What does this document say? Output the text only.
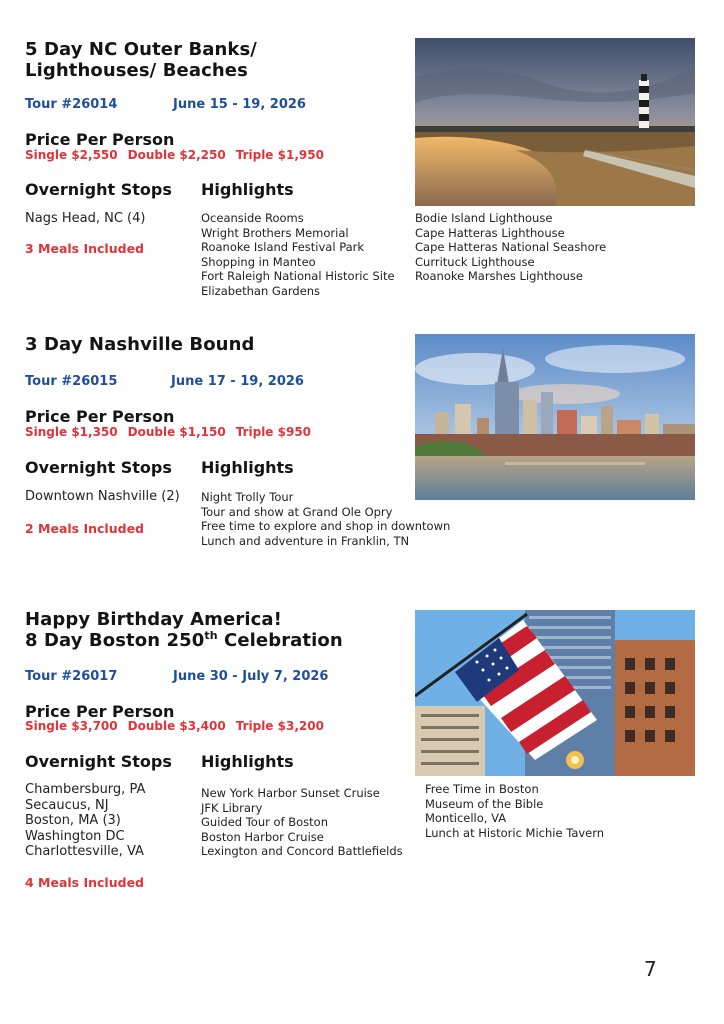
5 Day NC Outer Banks/
Lighthouses/ Beaches
Tour #26014	June 15 - 19, 2026
Price Per Person
Single $2,550 Double $2,250 Triple $1,950
Overnight Stops Highlights
Nags Head, NC (4)
3 Meals Included
Oceanside Rooms
Wright Brothers Memorial
Roanoke Island Festival Park
Shopping in Manteo
Fort Raleigh National Historic Site
Elizabethan Gardens
Bodie Island Lighthouse
Cape Hatteras Lighthouse
Cape Hatteras National Seashore
Currituck Lighthouse
Roanoke Marshes Lighthouse
3 Day Nashville Bound
Tour #26015	June 17 - 19, 2026
Price Per Person
Single $1,350 Double $1,150 Triple $950
Overnight Stops Highlights
Downtown Nashville (2)
2 Meals Included
Night Trolly Tour
Tour and show at Grand Ole Opry
Free time to explore and shop in downtown
Lunch and adventure in Franklin, TN
Happy Birthday America!
8 Day Boston 250th Celebration
Tour #26017	June 30 - July 7, 2026
Price Per Person
Single $3,700 Double $3,400 Triple $3,200
Overnight Stops Highlights
Chambersburg, PA
Secaucus, NJ
Boston, MA (3)
Washington DC
Charlottesville, VA
4 Meals Included
New York Harbor Sunset Cruise
JFK Library
Guided Tour of Boston
Boston Harbor Cruise
Lexington and Concord Battlefields
Free Time in Boston
Museum of the Bible
Monticello, VA
Lunch at Historic Michie Tavern
7
